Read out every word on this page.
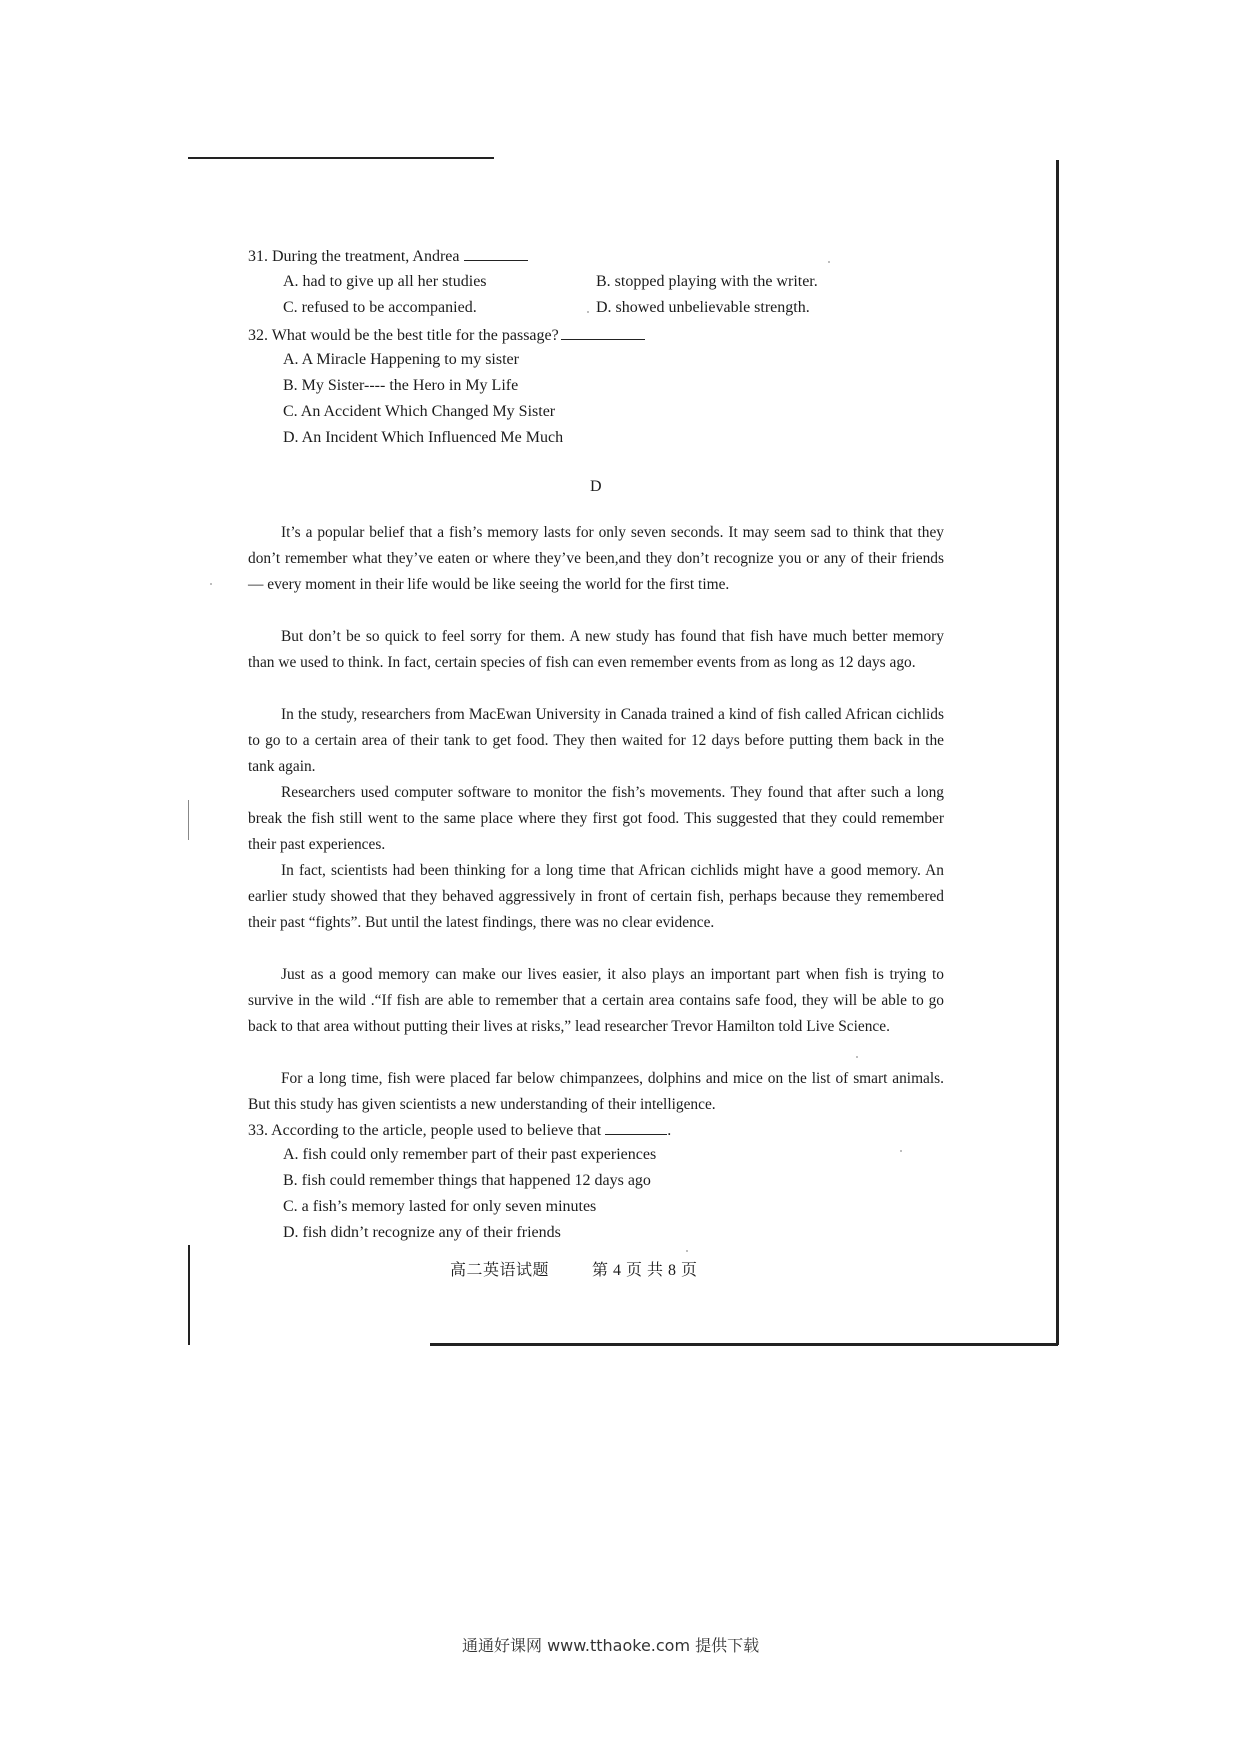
31. During the treatment, Andrea
A. had to give up all her studies	B. stopped playing with the writer.
C. refused to be accompanied.	D. showed unbelievable strength.
32. What would be the best title for the passage?
A. A Miracle Happening to my sister
B. My Sister---- the Hero in My Life
C. An Accident Which Changed My Sister
D. An Incident Which Influenced Me Much
D
It’s a popular belief that a fish’s memory lasts for only seven seconds. It may seem sad to think that they don’t remember what they’ve eaten or where they’ve been,and they don’t recognize you or any of their friends — every moment in their life would be like seeing the world for the first time.
But don’t be so quick to feel sorry for them. A new study has found that fish have much better memory than we used to think. In fact, certain species of fish can even remember events from as long as 12 days ago.
In the study, researchers from MacEwan University in Canada trained a kind of fish called African cichlids to go to a certain area of their tank to get food. They then waited for 12 days before putting them back in the tank again.
Researchers used computer software to monitor the fish’s movements. They found that after such a long break the fish still went to the same place where they first got food. This suggested that they could remember their past experiences.
In fact, scientists had been thinking for a long time that African cichlids might have a good memory. An earlier study showed that they behaved aggressively in front of certain fish, perhaps because they remembered their past “fights”. But until the latest findings, there was no clear evidence.
Just as a good memory can make our lives easier, it also plays an important part when fish is trying to survive in the wild .“If fish are able to remember that a certain area contains safe food, they will be able to go back to that area without putting their lives at risks,” lead researcher Trevor Hamilton told Live Science.
For a long time, fish were placed far below chimpanzees, dolphins and mice on the list of smart animals. But this study has given scientists a new understanding of their intelligence.
33. According to the article, people used to believe that	.
A. fish could only remember part of their past experiences
B. fish could remember things that happened 12 days ago
C. a fish’s memory lasted for only seven minutes
D. fish didn’t recognize any of their friends
高二英语试题	第 4 页 共 8 页
通通好课网 www.tthaoke.com 提供下载
